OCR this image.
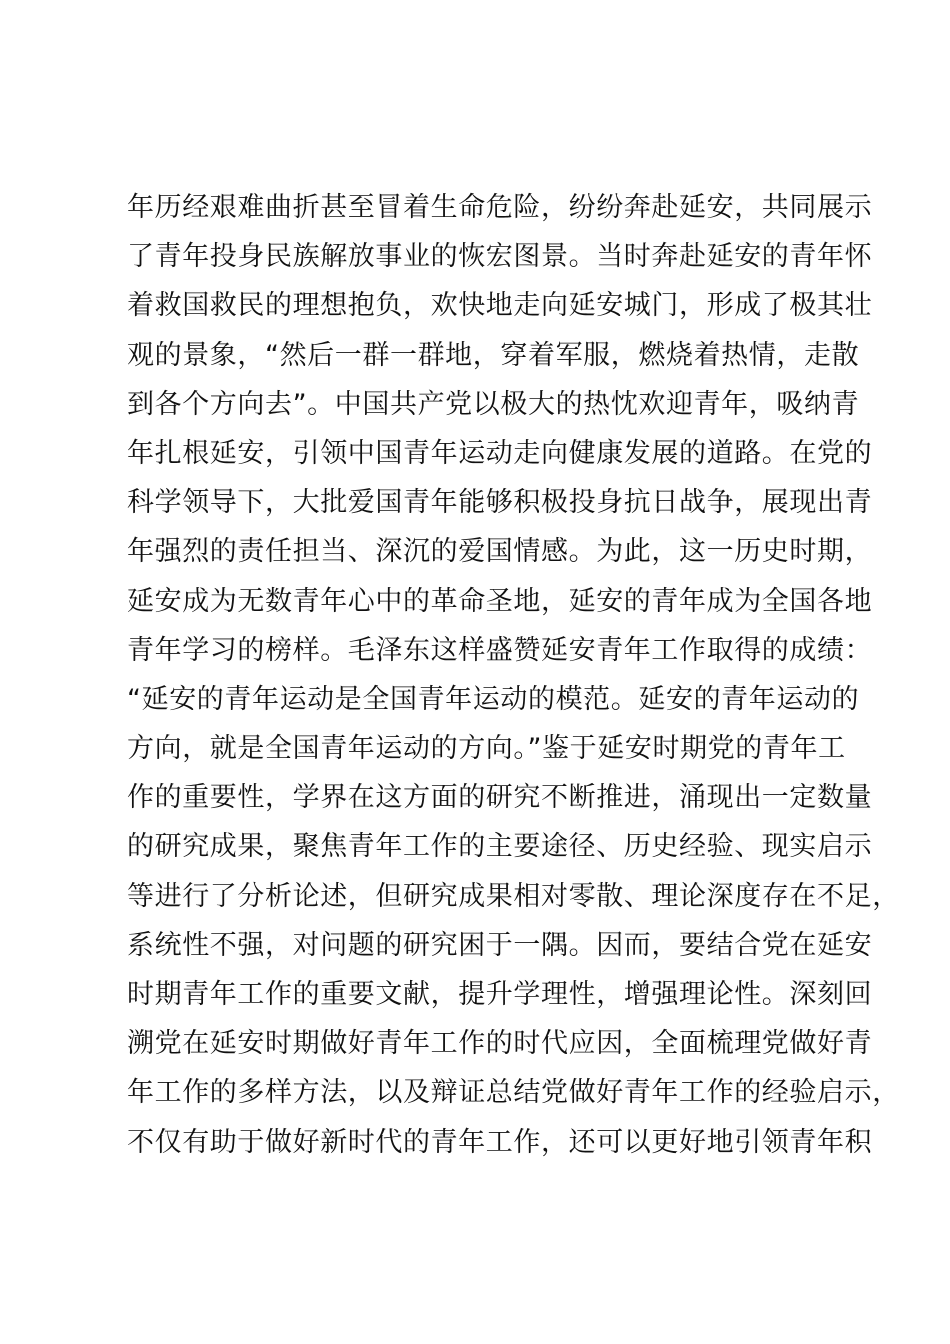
年历经艰难曲折甚至冒着生命危险，纷纷奔赴延安，共同展示
了青年投身民族解放事业的恢宏图景。当时奔赴延安的青年怀
着救国救民的理想抱负，欢快地走向延安城门，形成了极其壮
观的景象，“然后一群一群地，穿着军服，燃烧着热情，走散
到各个方向去”。中国共产党以极大的热忱欢迎青年，吸纳青
年扎根延安，引领中国青年运动走向健康发展的道路。在党的
科学领导下，大批爱国青年能够积极投身抗日战争，展现出青
年强烈的责任担当、深沉的爱国情感。为此，这一历史时期，
延安成为无数青年心中的革命圣地，延安的青年成为全国各地
青年学习的榜样。毛泽东这样盛赞延安青年工作取得的成绩：
“延安的青年运动是全国青年运动的模范。延安的青年运动的
方向，就是全国青年运动的方向。”鉴于延安时期党的青年工
作的重要性，学界在这方面的研究不断推进，涌现出一定数量
的研究成果，聚焦青年工作的主要途径、历史经验、现实启示
等进行了分析论述，但研究成果相对零散、理论深度存在不足，
系统性不强，对问题的研究困于一隅。因而，要结合党在延安
时期青年工作的重要文献，提升学理性，增强理论性。深刻回
溯党在延安时期做好青年工作的时代应因，全面梳理党做好青
年工作的多样方法，以及辩证总结党做好青年工作的经验启示，
不仅有助于做好新时代的青年工作，还可以更好地引领青年积
